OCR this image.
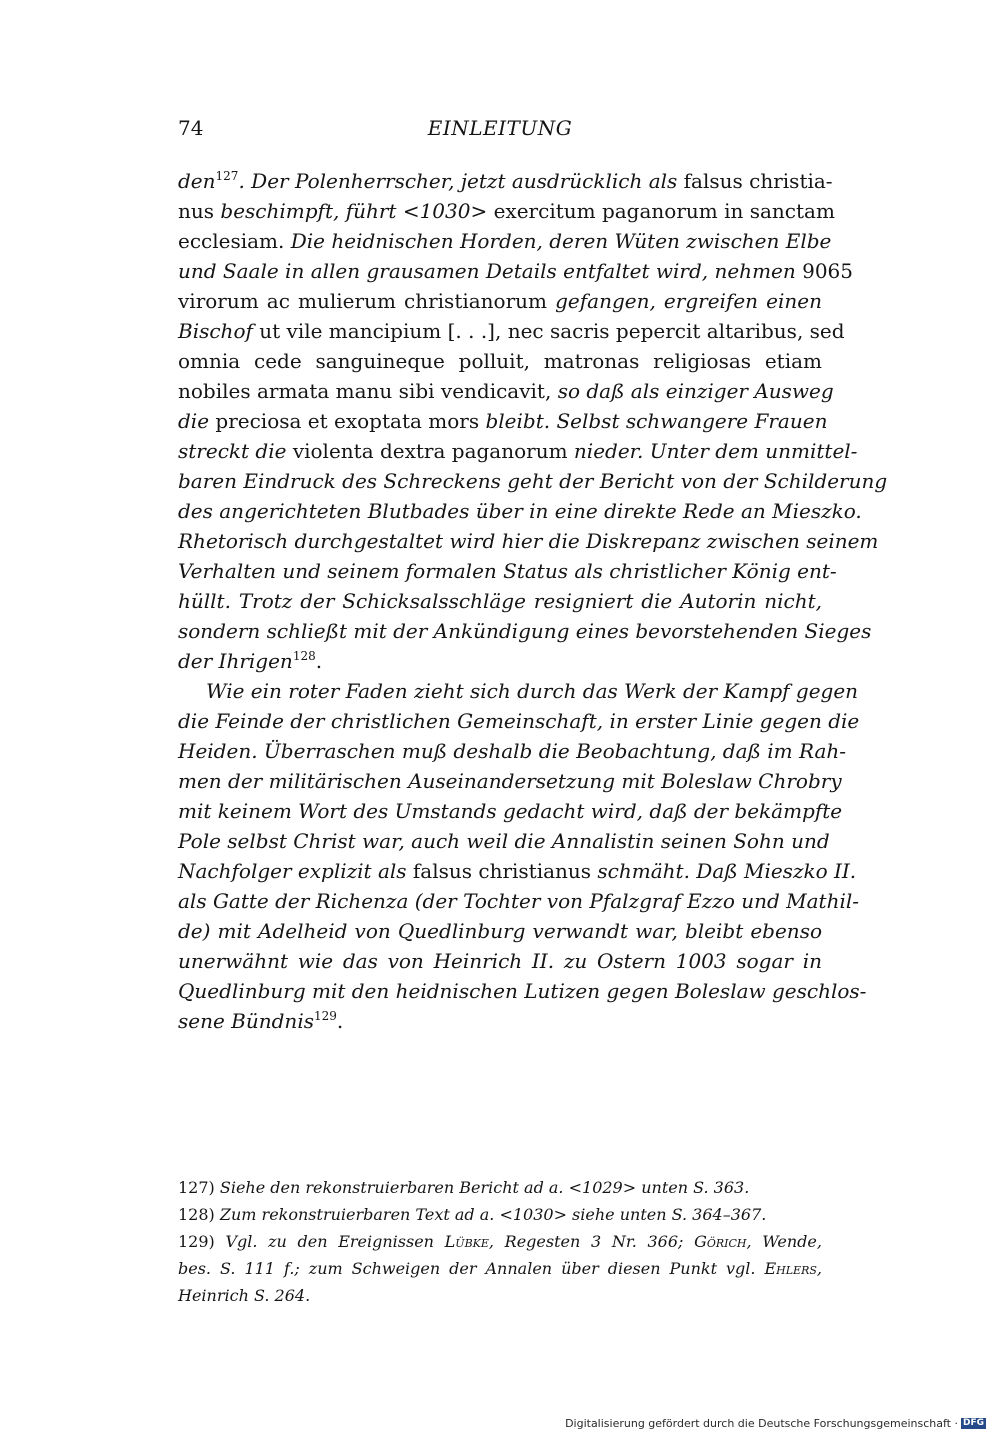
74	EINLEITUNG
den$^{127}$. Der Polenherrscher, jetzt ausdrücklich als falsus christia-
nus beschimpft, führt <1030> exercitum paganorum in sanctam
ecclesiam. Die heidnischen Horden, deren Wüten zwischen Elbe
und Saale in allen grausamen Details entfaltet wird, nehmen 9065
virorum ac mulierum christianorum gefangen, ergreifen einen
Bischof ut vile mancipium [. . .], nec sacris pepercit altaribus, sed
omnia cede sanguineque polluit, matronas religiosas etiam
nobiles armata manu sibi vendicavit, so daß als einziger Ausweg
die preciosa et exoptata mors bleibt. Selbst schwangere Frauen
streckt die violenta dextra paganorum nieder. Unter dem unmittel-
baren Eindruck des Schreckens geht der Bericht von der Schilderung
des angerichteten Blutbades über in eine direkte Rede an Mieszko.
Rhetorisch durchgestaltet wird hier die Diskrepanz zwischen seinem
Verhalten und seinem formalen Status als christlicher König ent-
hüllt. Trotz der Schicksalsschläge resigniert die Autorin nicht,
sondern schließt mit der Ankündigung eines bevorstehenden Sieges
der Ihrigen$^{128}$.
Wie ein roter Faden zieht sich durch das Werk der Kampf gegen
die Feinde der christlichen Gemeinschaft, in erster Linie gegen die
Heiden. Überraschen muß deshalb die Beobachtung, daß im Rah-
men der militärischen Auseinandersetzung mit Boleslaw Chrobry
mit keinem Wort des Umstands gedacht wird, daß der bekämpfte
Pole selbst Christ war, auch weil die Annalistin seinen Sohn und
Nachfolger explizit als falsus christianus schmäht. Daß Mieszko II.
als Gatte der Richenza (der Tochter von Pfalzgraf Ezzo und Mathil-
de) mit Adelheid von Quedlinburg verwandt war, bleibt ebenso
unerwähnt wie das von Heinrich II. zu Ostern 1003 sogar in
Quedlinburg mit den heidnischen Lutizen gegen Boleslaw geschlos-
sene Bündnis$^{129}$.
127) Siehe den rekonstruierbaren Bericht ad a. <1029> unten S. 363.
128) Zum rekonstruierbaren Text ad a. <1030> siehe unten S. 364–367.
129) Vgl. zu den Ereignissen Lübke, Regesten 3 Nr. 366; Görich, Wende,
bes. S. 111 f.; zum Schweigen der Annalen über diesen Punkt vgl. Ehlers,
Heinrich S. 264.
Digitalisierung gefördert durch die Deutsche Forschungsgemeinschaft · DFG
